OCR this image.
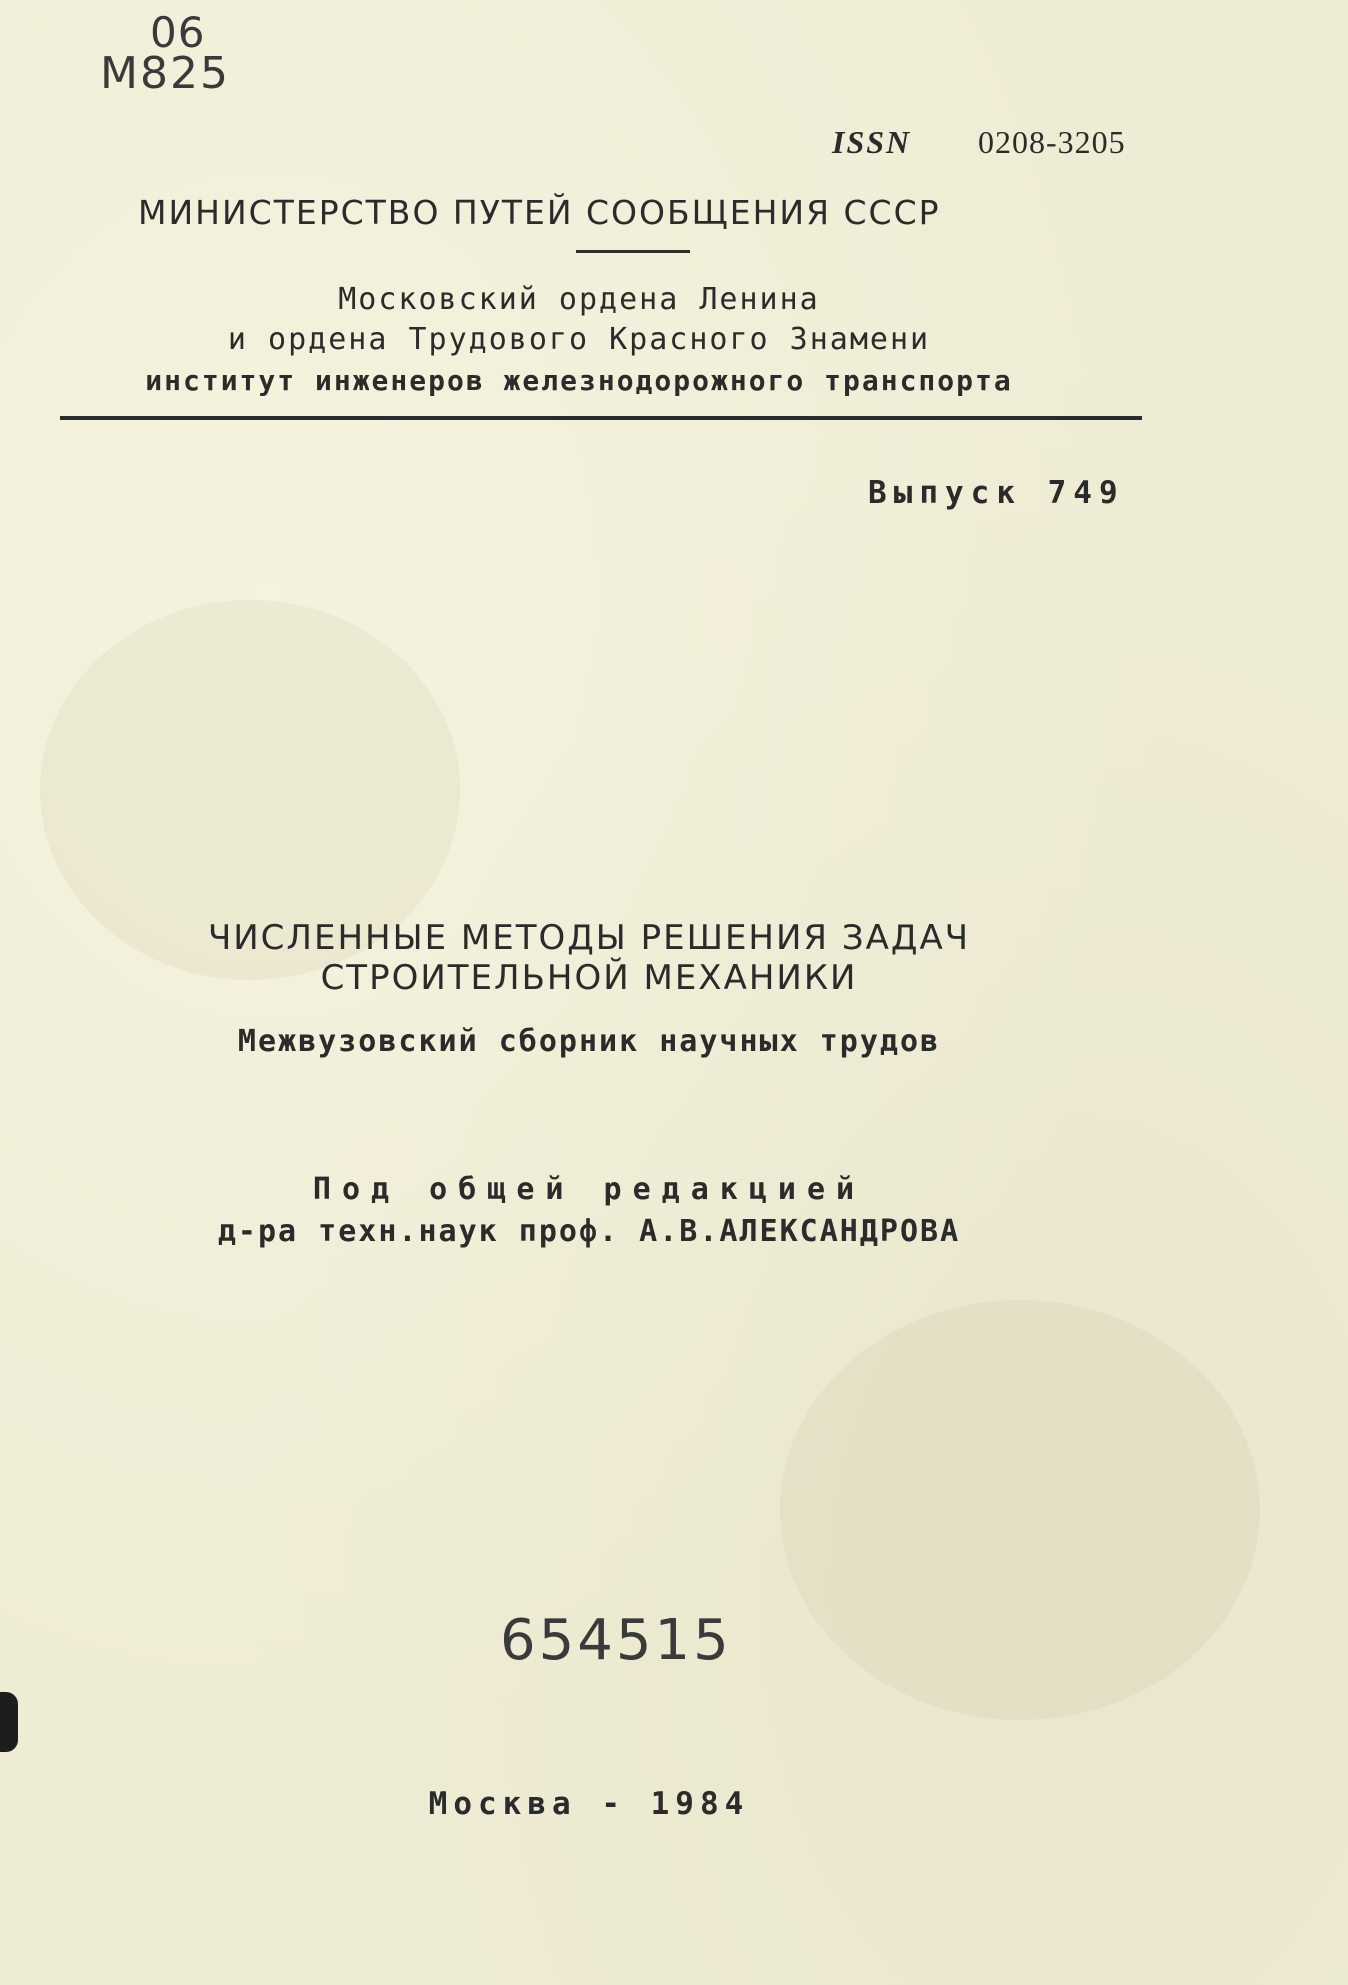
06
M825
ISSN 0208-3205
МИНИСТЕРСТВО ПУТЕЙ СООБЩЕНИЯ СССР
Московский ордена Ленина
и ордена Трудового Красного Знамени
институт инженеров железнодорожного транспорта
Выпуск 749
ЧИСЛЕННЫЕ МЕТОДЫ РЕШЕНИЯ ЗАДАЧ
СТРОИТЕЛЬНОЙ МЕХАНИКИ
Межвузовский сборник научных трудов
Под общей редакцией
д-ра техн.наук проф. А.В.АЛЕКСАНДРОВА
654515
Москва - 1984
